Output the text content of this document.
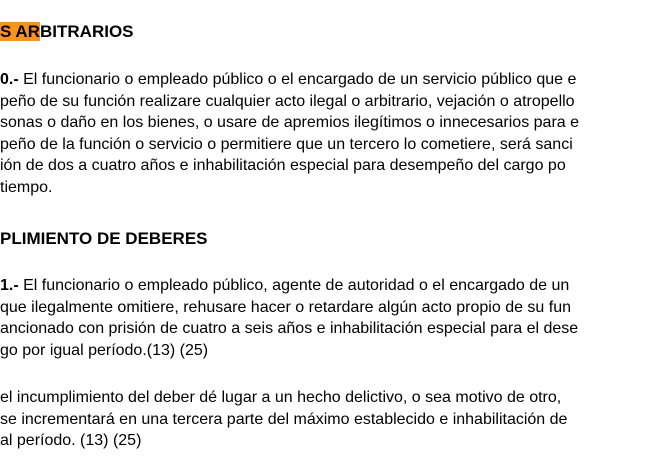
S ARBITRARIOS
0.- El funcionario o empleado público o el encargado de un servicio público que e
peño de su función realizare cualquier acto ilegal o arbitrario, vejación o atropello
sonas o daño en los bienes, o usare de apremios ilegítimos o innecesarios para e
peño de la función o servicio o permitiere que un tercero lo cometiere, será sanci
ión de dos a cuatro años e inhabilitación especial para desempeño del cargo po
tiempo.
PLIMIENTO DE DEBERES
1.- El funcionario o empleado público, agente de autoridad o el encargado de un
que ilegalmente omitiere, rehusare hacer o retardare algún acto propio de su fun
ancionado con prisión de cuatro a seis años e inhabilitación especial para el dese
go por igual período.(13) (25)
el incumplimiento del deber dé lugar a un hecho delictivo, o sea motivo de otro,
se incrementará en una tercera parte del máximo establecido e inhabilitación de
al período. (13) (25)
